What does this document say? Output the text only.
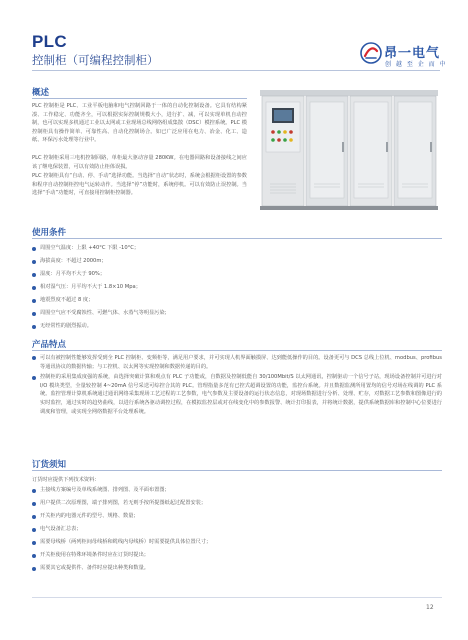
PLC
控制柜（可编程控制柜）	昂一电气
创 越 至 企 而 中
概述

PLC 控制柜是 PLC、工业平板电脑和电气控制回路于一体的自动化控制设备。它具有结构紧凑、工作稳定、功能齐全，可以根据实际控制规模大小，进行扩、减，可以实现单机自动控制，也可以实现多机通过工业以太网或工业现场总线网络组成集散（DSC）模控系统。PLC 模控制柜具有操作简单、可靠性高、自动化控制场合。如已广泛应用在电力、冶金、化工、造纸、环保污水处理等行业中。

PLC 控制柜采用三电机控制回路，单柜最大驱动容量 280KW。在电器回路和设备接线之间应该了继电保装置，可以有效防止柜体误损。

PLC 控制柜具有“自动、停、手动”选择功能。当选择“自动”状态时，系统会根据柜设置的参数和程序自动控制柜控电气运转动作。当选择“停”功能时，系统停机。可以有效防止误控制。当选择“手动”功能时，可直接用控制柜控制器。

使用条件
周围空气温度：上限 +40°C 下限 -10°C；
海拔高度：不超过 2000m；
湿度：月平均不大于 90%；
相对湿气压：月平均不大于 1.8×10 Mpa；
地震烈度不超过 8 度；
周围空气应不受腐蚀性、可燃气体、水蒸气等明显污染；
无经常性的剧烈振动。
产品特点
可以有被控制性能够发挥受到全 PLC 控制柜、变频柜等，满足用户要求，并可实现人机界面触摸屏、达到能低操作的目的。设备更可与 DCS 总线上位机、modbus、profibus 等通讯协议的数据传输；与工控机、以太网等实现控制和数据传递的目的。
控制柜的采用集成度强的系统，由选择突破计算和观点有 PLC 子功能或，自数据及控制低能自 30/100Mbit/S 以太网通讯，控制驱动一个信号子站，现场设备控制并可进行对 I/O 模块类型，全量较控制 4~20mA 信号采送可综控合其的 PLC。管理指量多范有已控式超调设置的功能，监控台系统。并且数据监测所用置均的信号对场在线调的 PLC 系统。监控管理计算机系统通过通讯网络采集现场工艺过程的工艺参数，电气参数及主要设备的运行状态信息，对现场数据进行分析、处理、贮存，对数据工艺参数和图像进行的实时监控，通过实时的趋势曲线，以进行系统各驱动调控过程，在模拟监控层或对在线变化中的参数报警、统计打印报表，并将统计数据，提供系统数据库和控制中心位要进行调度和管理，或实现全网络数据平台处理系统。
订货须知
订货时应提供下列技术资料：
主接线方案编号及单线系统图、排列图、及平面布置图；
用户提供二次原理图，端子排列图，若无则手按所提图纸起过配置安装；
开关柜内的电器元件的型号、规格、数量；
电气设备汇总表；
需要母线桥（两列柜间母线桥和缆线内母线桥）时需要提供具体位置尺寸；
开关柜使用在特殊环境条件时应在订货时提出；
需要其它或提供件、备件时应提出种类和数量。
12
